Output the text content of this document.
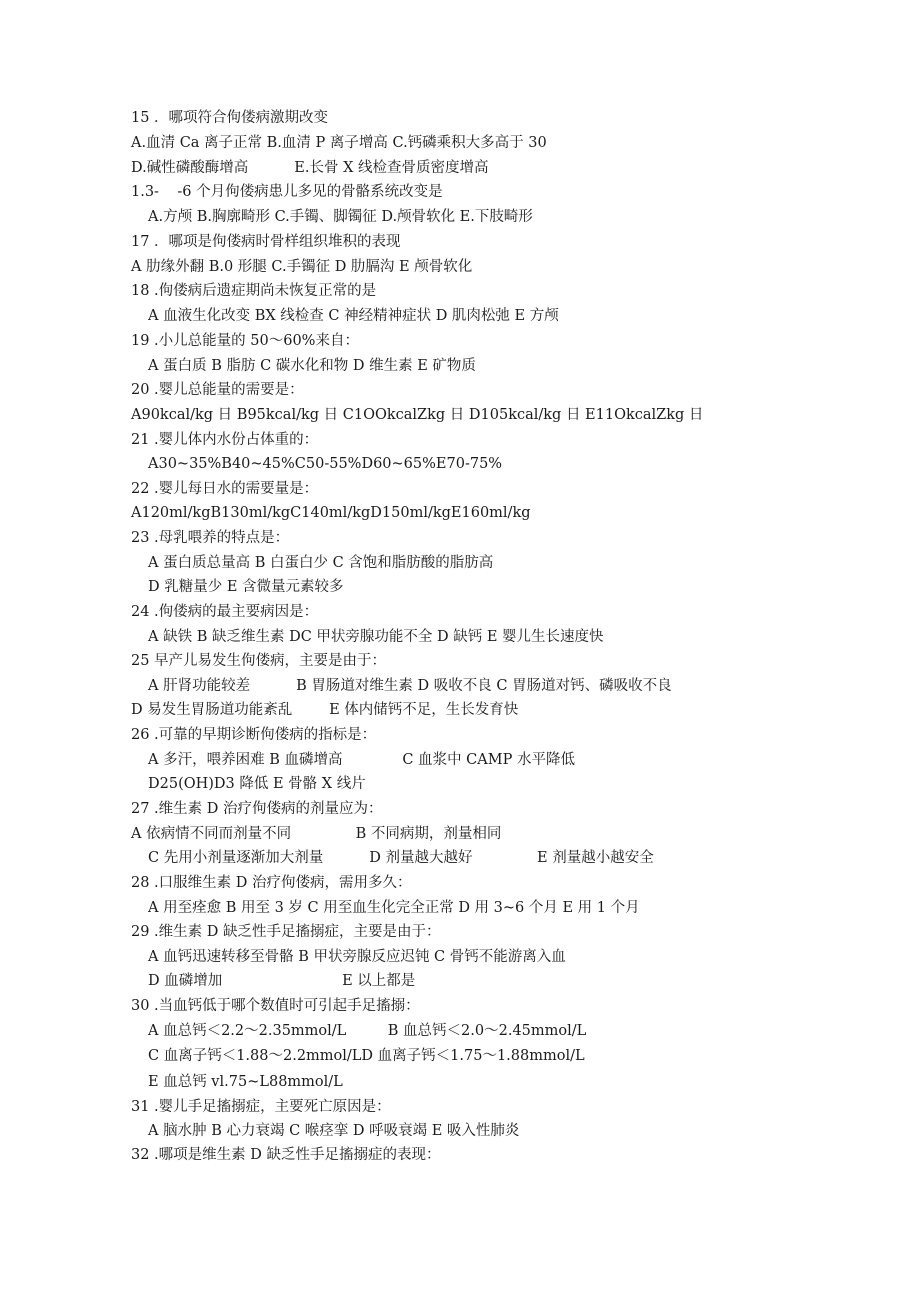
15 ．哪项符合佝偻病激期改变
A.血清 Ca 离子正常 B.血清 P 离子增高 C.钙磷乘积大多高于 30
D.碱性磷酸酶增高          E.长骨 X 线检查骨质密度增高
1.3-    -6 个月佝偻病患儿多见的骨骼系统改变是
A.方颅 B.胸廓畸形 C.手镯、脚镯征 D.颅骨软化 E.下肢畸形
17 ．哪项是佝偻病时骨样组织堆积的表现
A 肋缘外翻 B.0 形腿 C.手镯征 D 肋膈沟 E 颅骨软化
18 .佝偻病后遗症期尚未恢复正常的是
A 血液生化改变 BX 线检查 C 神经精神症状 D 肌肉松弛 E 方颅
19 .小儿总能量的 50～60%来自：
A 蛋白质 B 脂肪 C 碳水化和物 D 维生素 E 矿物质
20 .婴儿总能量的需要是：
A90kcal/kg 日 B95kcal/kg 日 C1OOkcalZkg 日 D105kcal/kg 日 E11OkcalZkg 日
21 .婴儿体内水份占体重的：
A30~35%B40~45%C50-55%D60~65%E70-75%
22 .婴儿每日水的需要量是：
A120ml/kgB130ml/kgC140ml/kgD150ml/kgE160ml/kg
23 .母乳喂养的特点是：
A 蛋白质总量高 B 白蛋白少 C 含饱和脂肪酸的脂肪高
D 乳糖量少 E 含微量元素较多
24 .佝偻病的最主要病因是：
A 缺铁 B 缺乏维生素 DC 甲状旁腺功能不全 D 缺钙 E 婴儿生长速度快
25 早产儿易发生佝偻病，主要是由于：
A 肝肾功能较差          B 胃肠道对维生素 D 吸收不良 C 胃肠道对钙、磷吸收不良
D 易发生胃肠道功能紊乱        E 体内储钙不足，生长发育快
26 .可靠的早期诊断佝偻病的指标是：
A 多汗，喂养困难 B 血磷增高             C 血浆中 CAMP 水平降低
D25(OH)D3 降低 E 骨骼 X 线片
27 .维生素 D 治疗佝偻病的剂量应为：
A 依病情不同而剂量不同              B 不同病期，剂量相同
C 先用小剂量逐渐加大剂量          D 剂量越大越好              E 剂量越小越安全
28 .口服维生素 D 治疗佝偻病，需用多久：
A 用至痊愈 B 用至 3 岁 C 用至血生化完全正常 D 用 3~6 个月 E 用 1 个月
29 .维生素 D 缺乏性手足搐搦症，主要是由于：
A 血钙迅速转移至骨骼 B 甲状旁腺反应迟钝 C 骨钙不能游离入血
D 血磷增加                          E 以上都是
30 .当血钙低于哪个数值时可引起手足搐搦：
A 血总钙＜2.2～2.35mmol/L         B 血总钙＜2.0～2.45mmol/L
C 血离子钙＜1.88～2.2mmol/LD 血离子钙＜1.75～1.88mmol/L
E 血总钙 vl.75~L88mmol/L
31 .婴儿手足搐搦症，主要死亡原因是：
A 脑水肿 B 心力衰竭 C 喉痉挛 D 呼吸衰竭 E 吸入性肺炎
32 .哪项是维生素 D 缺乏性手足搐搦症的表现：
